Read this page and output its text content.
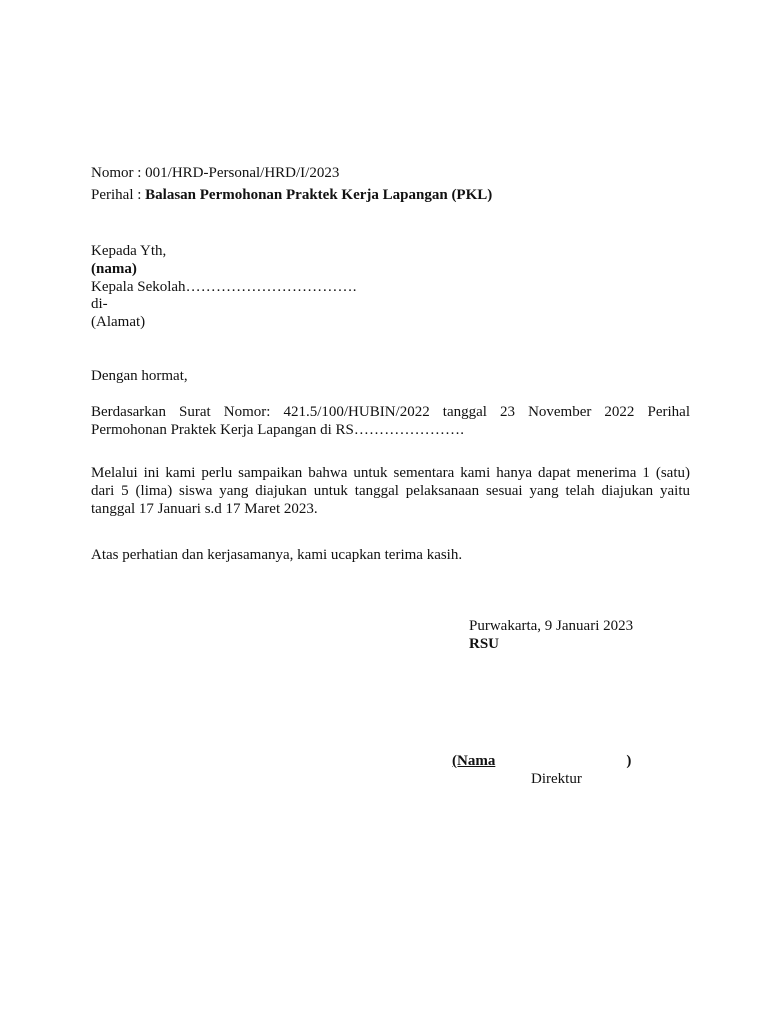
Nomor : 001/HRD-Personal/HRD/I/2023
Perihal : Balasan Permohonan Praktek Kerja Lapangan (PKL)
Kepada Yth,
(nama)
Kepala Sekolah…………………………….
di-
(Alamat)
Dengan hormat,
Berdasarkan Surat Nomor: 421.5/100/HUBIN/2022 tanggal 23 November 2022 Perihal
Permohonan Praktek Kerja Lapangan di RS………………….
Melalui ini kami perlu sampaikan bahwa untuk sementara kami hanya dapat menerima 1 (satu)
dari 5 (lima) siswa yang diajukan untuk tanggal pelaksanaan sesuai yang telah diajukan yaitu
tanggal 17 Januari s.d 17 Maret 2023.
Atas perhatian dan kerjasamanya, kami ucapkan terima kasih.
Purwakarta, 9 Januari 2023
RSU
(Nama	)
Direktur
